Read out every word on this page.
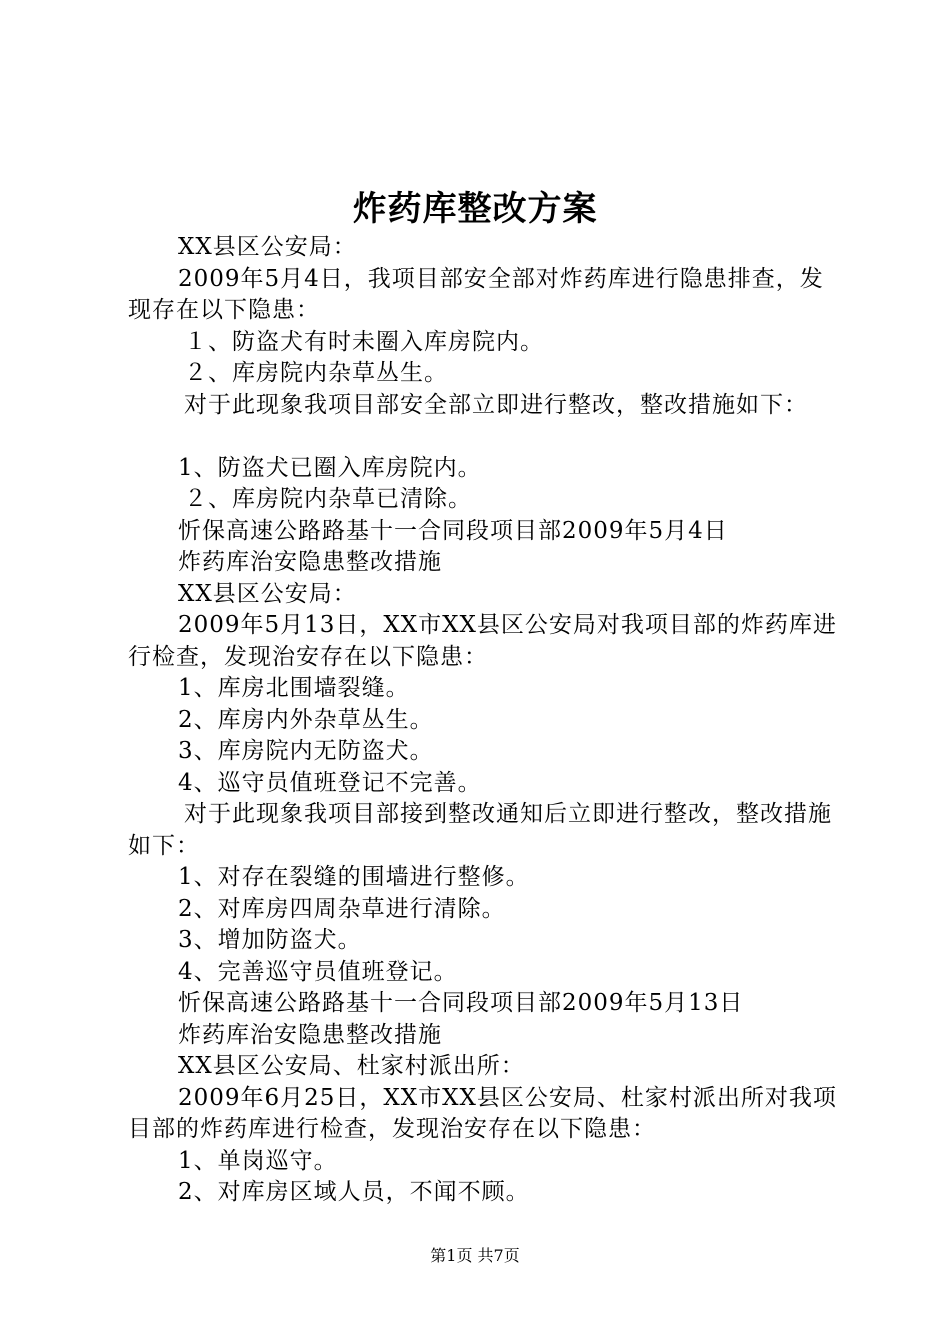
炸药库整改方案

XX县区公安局：

2009年5月4日，我项目部安全部对炸药库进行隐患排查，发现存在以下隐患：

１、防盗犬有时未圈入库房院内。

２、库房院内杂草丛生。

对于此现象我项目部安全部立即进行整改，整改措施如下：

1、防盗犬已圈入库房院内。

２、库房院内杂草已清除。

忻保高速公路路基十一合同段项目部2009年5月4日

炸药库治安隐患整改措施

XX县区公安局：

2009年5月13日，XX市XX县区公安局对我项目部的炸药库进行检查，发现治安存在以下隐患：

1、库房北围墙裂缝。

2、库房内外杂草丛生。

3、库房院内无防盗犬。

4、巡守员值班登记不完善。

对于此现象我项目部接到整改通知后立即进行整改，整改措施如下：

1、对存在裂缝的围墙进行整修。

2、对库房四周杂草进行清除。

3、增加防盗犬。

4、完善巡守员值班登记。

忻保高速公路路基十一合同段项目部2009年5月13日

炸药库治安隐患整改措施

XX县区公安局、杜家村派出所：

2009年6月25日，XX市XX县区公安局、杜家村派出所对我项目部的炸药库进行检查，发现治安存在以下隐患：

1、单岗巡守。

2、对库房区域人员，不闻不顾。

第1页 共7页
